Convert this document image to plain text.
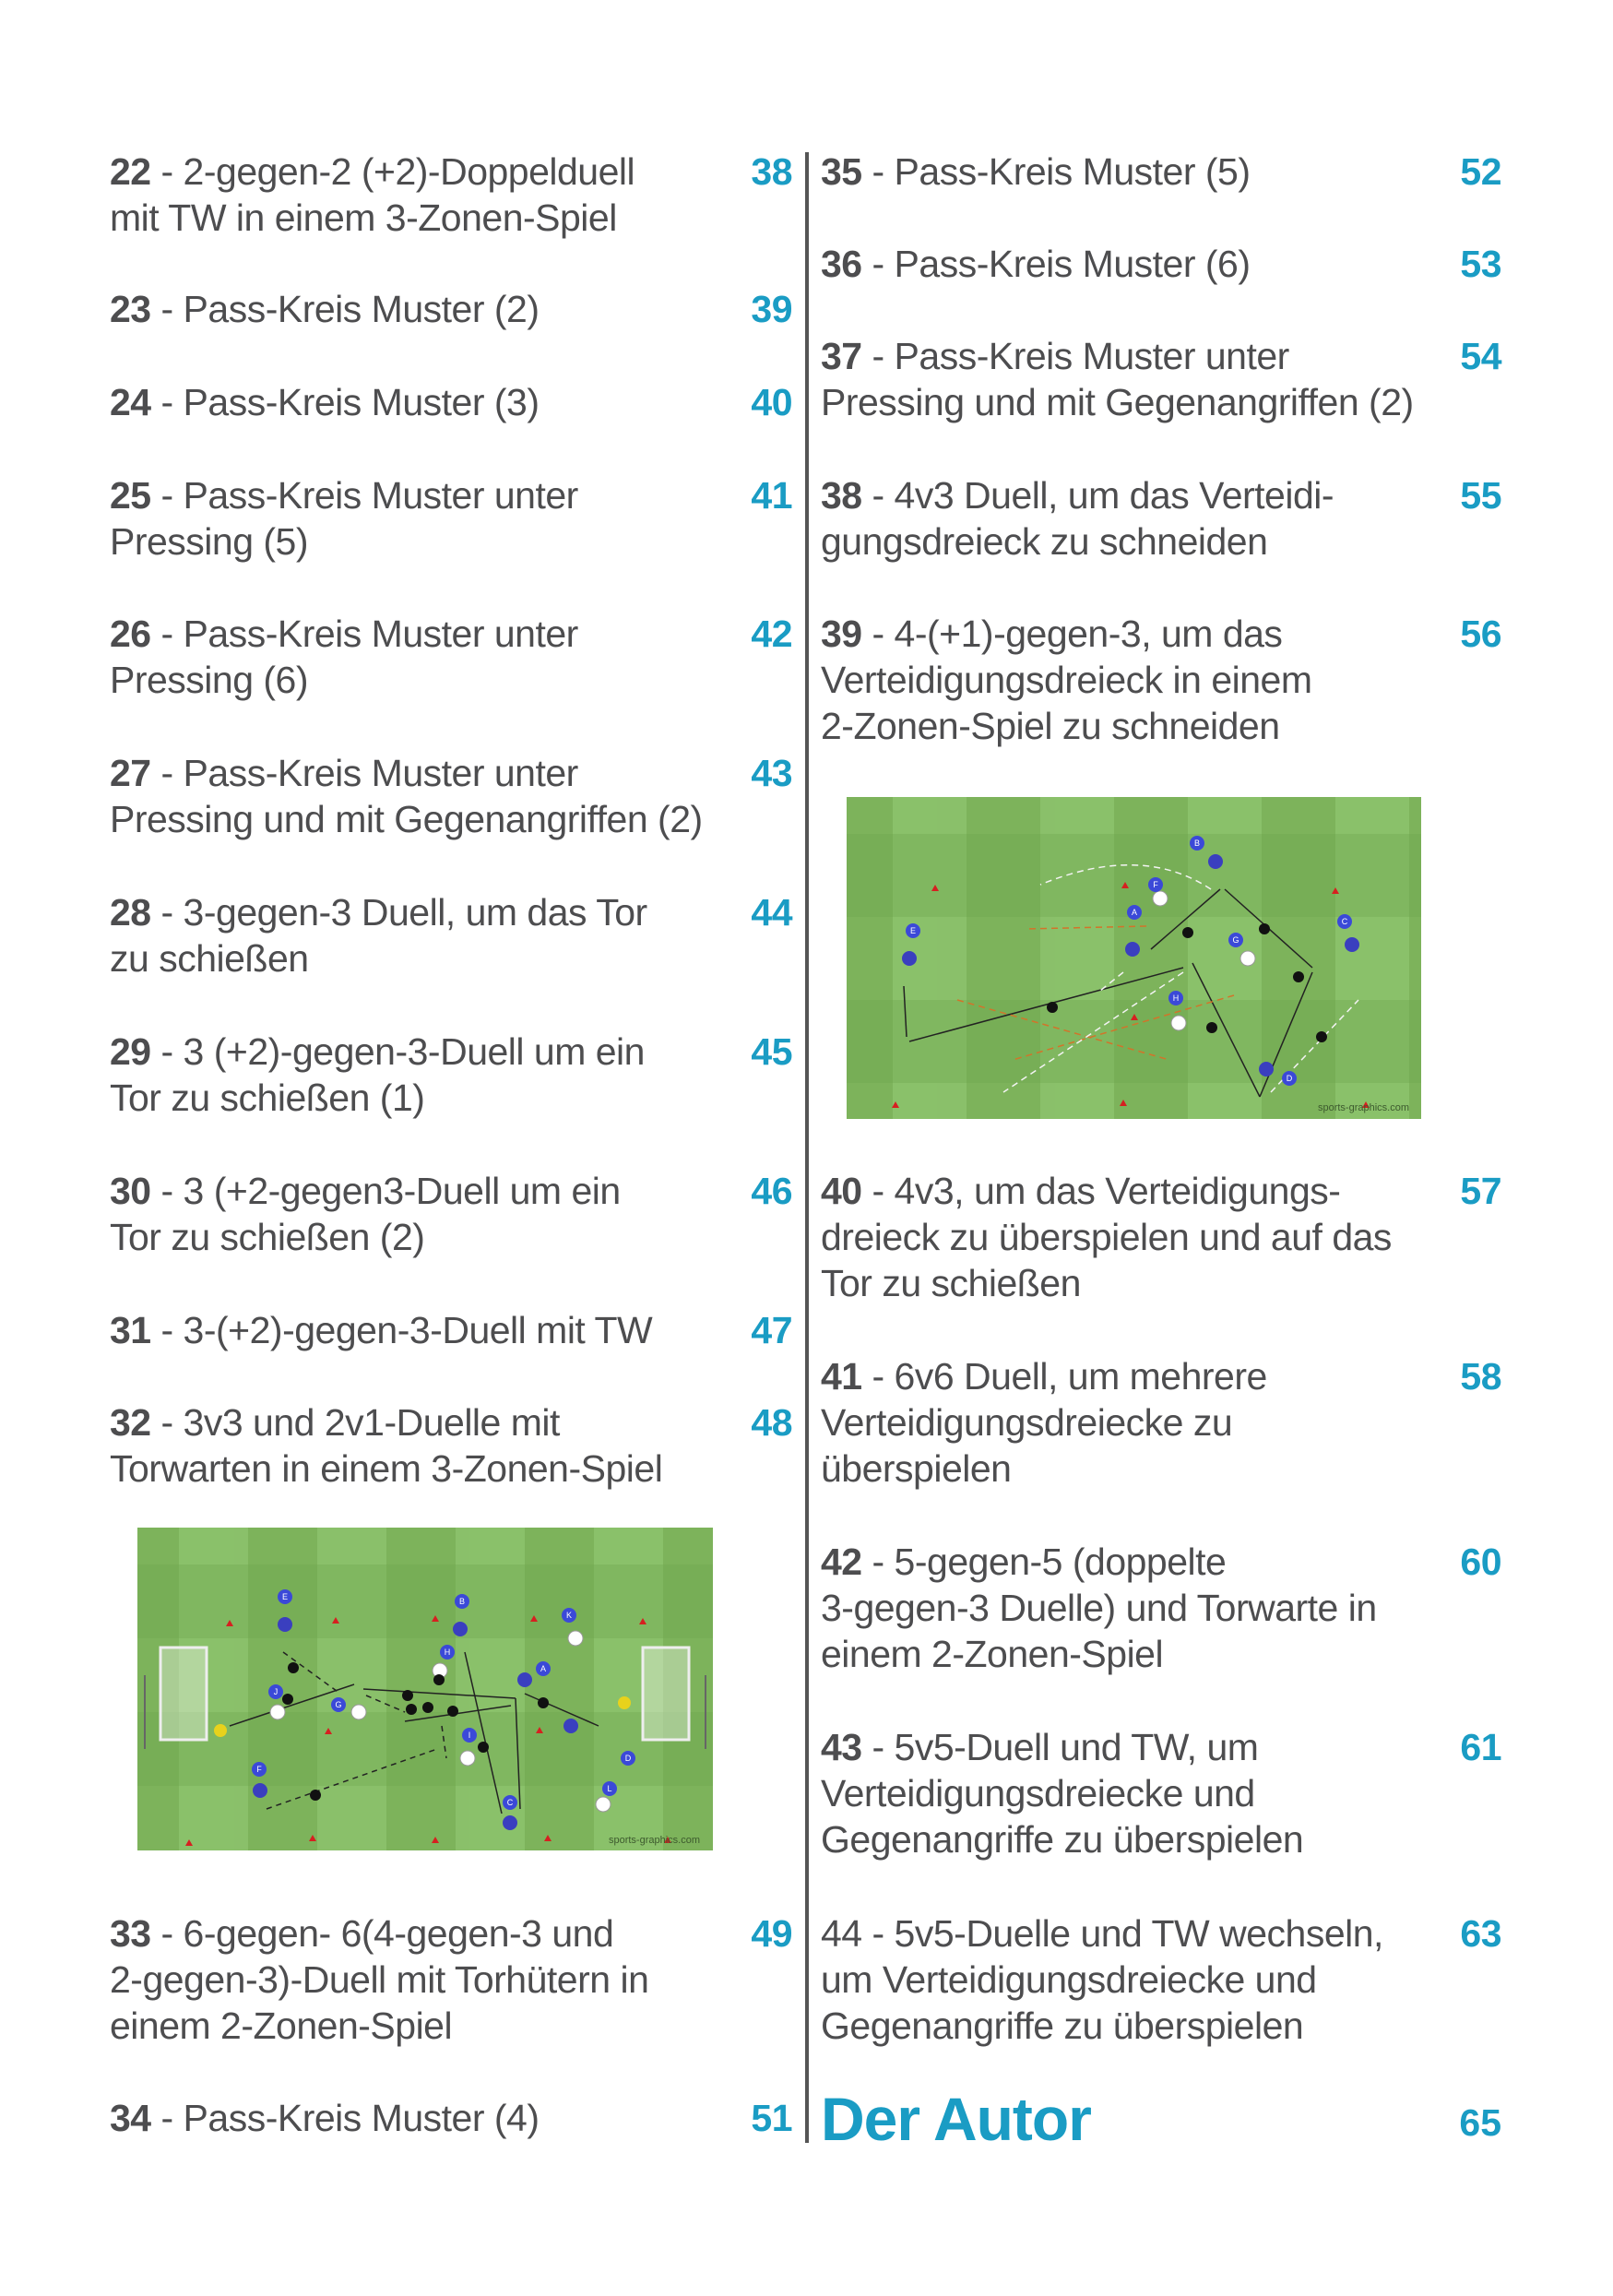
22 - 2-gegen-2 (+2)-Doppelduell
mit TW in einem 3-Zonen-Spiel
38
23 - Pass-Kreis Muster (2)	39
24 - Pass-Kreis Muster (3)	40
25 - Pass-Kreis Muster unter
Pressing (5)
41
26 - Pass-Kreis Muster unter
Pressing (6)
42
27 - Pass-Kreis Muster unter
Pressing und mit Gegenangriffen (2)
43
28 - 3-gegen-3 Duell, um das Tor
zu schießen
44
29 - 3 (+2)-gegen-3-Duell um ein
Tor zu schießen (1)
45
30 - 3 (+2-gegen3-Duell um ein
Tor zu schießen (2)
46
31 - 3-(+2)-gegen-3-Duell mit TW	47
32 - 3v3 und 2v1-Duelle mit
Torwarten in einem 3-Zonen-Spiel
48
E	B
C
D
K
A
H
J
G
I
L
F
sports-graphics.com
33 - 6-gegen- 6(4-gegen-3 und
2-gegen-3)-Duell mit Torhütern in
einem 2-Zonen-Spiel
49
34 - Pass-Kreis Muster (4)	51
35 - Pass-Kreis Muster (5)	52
36 - Pass-Kreis Muster (6)	53
37 - Pass-Kreis Muster unter
Pressing und mit Gegenangriffen (2)
54
38 - 4v3 Duell, um das Verteidi-
gungsdreieck zu schneiden
55
39 - 4-(+1)-gegen-3, um das
Verteidigungsdreieck in einem
2-Zonen-Spiel zu schneiden
56
B
A
F
C
E
G
H
D
sports-graphics.com
40 - 4v3, um das Verteidigungs-
dreieck zu überspielen und auf das
Tor zu schießen
57
41 - 6v6 Duell, um mehrere
Verteidigungsdreiecke zu
überspielen
58
42 - 5-gegen-5 (doppelte
3-gegen-3 Duelle) und Torwarte in
einem 2-Zonen-Spiel
60
43 - 5v5-Duell und TW, um
Verteidigungsdreiecke und
Gegenangriffe zu überspielen
61
44 - 5v5-Duelle und TW wechseln,
um Verteidigungsdreiecke und
Gegenangriffe zu überspielen
63
Der Autor	65
